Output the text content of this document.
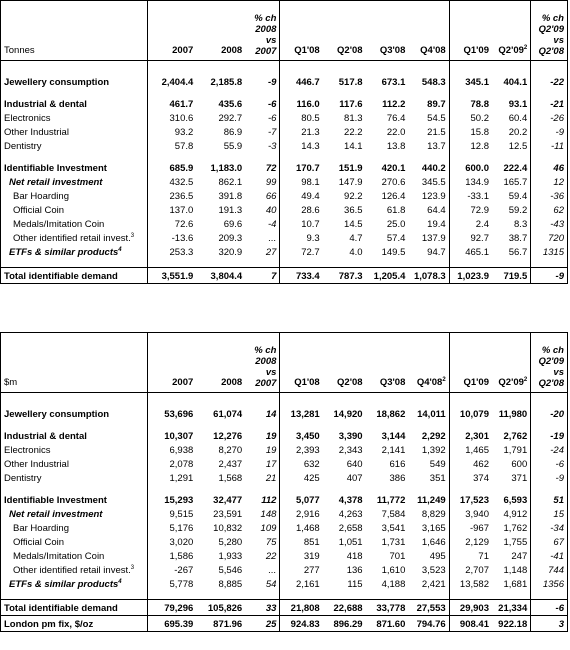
Tonnes	2007	2008	% ch
2008
vs
2007	Q1'08	Q2'08	Q3'08	Q4'08	Q1'09	$Q2'09^2$	% ch
Q2'09
vs
Q2'08

Jewellery consumption	2,404.4	2,185.8	-9	446.7	517.8	673.1	548.3	345.1	404.1	-22

Industrial & dental	461.7	435.6	-6	116.0	117.6	112.2	89.7	78.8	93.1	-21
Electronics	310.6	292.7	-6	80.5	81.3	76.4	54.5	50.2	60.4	-26
Other Industrial	93.2	86.9	-7	21.3	22.2	22.0	21.5	15.8	20.2	-9
Dentistry	57.8	55.9	-3	14.3	14.1	13.8	13.7	12.8	12.5	-11

Identifiable Investment	685.9	1,183.0	72	170.7	151.9	420.1	440.2	600.0	222.4	46
Net retail investment	432.5	862.1	99	98.1	147.9	270.6	345.5	134.9	165.7	12
Bar Hoarding	236.5	391.8	66	49.4	92.2	126.4	123.9	-33.1	59.4	-36
Official Coin	137.0	191.3	40	28.6	36.5	61.8	64.4	72.9	59.2	62
Medals/Imitation Coin	72.6	69.6	-4	10.7	14.5	25.0	19.4	2.4	8.3	-43
Other identified retail invest.$^3$	-13.6	209.3	...	9.3	4.7	57.4	137.9	92.7	38.7	720
ETFs & similar products$^4$	253.3	320.9	27	72.7	4.0	149.5	94.7	465.1	56.7	1315

Total identifiable demand	3,551.9	3,804.4	7	733.4	787.3	1,205.4	1,078.3	1,023.9	719.5	-9
$m	2007	2008	% ch
2008
vs
2007	Q1'08	Q2'08	Q3'08	$Q4'08^2$	Q1'09	$Q2'09^2$	% ch
Q2'09
vs
Q2'08

Jewellery consumption	53,696	61,074	14	13,281	14,920	18,862	14,011	10,079	11,980	-20

Industrial & dental	10,307	12,276	19	3,450	3,390	3,144	2,292	2,301	2,762	-19
Electronics	6,938	8,270	19	2,393	2,343	2,141	1,392	1,465	1,791	-24
Other Industrial	2,078	2,437	17	632	640	616	549	462	600	-6
Dentistry	1,291	1,568	21	425	407	386	351	374	371	-9

Identifiable Investment	15,293	32,477	112	5,077	4,378	11,772	11,249	17,523	6,593	51
Net retail investment	9,515	23,591	148	2,916	4,263	7,584	8,829	3,940	4,912	15
Bar Hoarding	5,176	10,832	109	1,468	2,658	3,541	3,165	-967	1,762	-34
Official Coin	3,020	5,280	75	851	1,051	1,731	1,646	2,129	1,755	67
Medals/Imitation Coin	1,586	1,933	22	319	418	701	495	71	247	-41
Other identified retail invest.$^3$	-267	5,546	...	277	136	1,610	3,523	2,707	1,148	744
ETFs & similar products$^4$	5,778	8,885	54	2,161	115	4,188	2,421	13,582	1,681	1356

Total identifiable demand	79,296	105,826	33	21,808	22,688	33,778	27,553	29,903	21,334	-6
London pm fix, $/oz	695.39	871.96	25	924.83	896.29	871.60	794.76	908.41	922.18	3
